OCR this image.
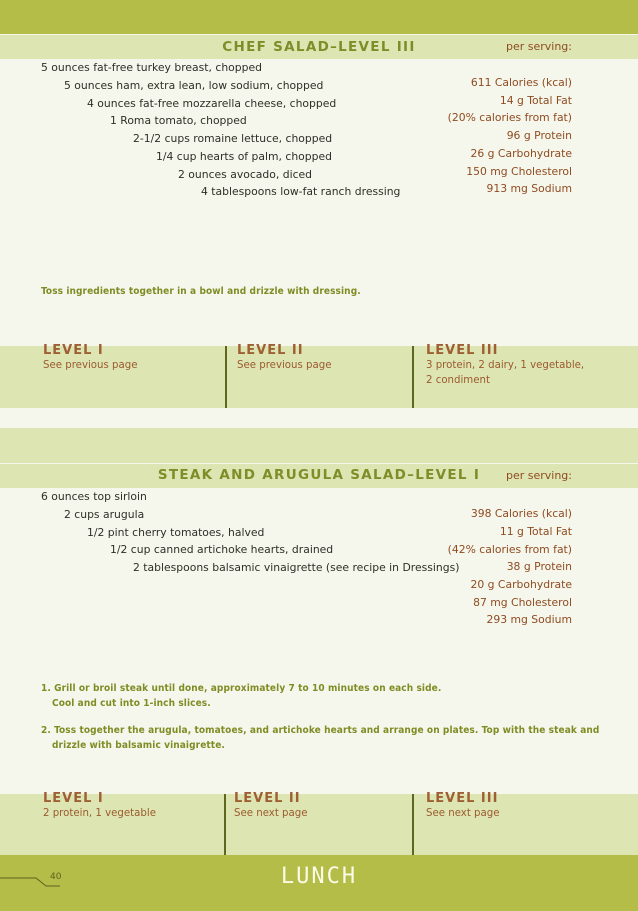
CHEF SALAD–LEVEL III	per serving:
5 ounces fat-free turkey breast, chopped
5 ounces ham, extra lean, low sodium, chopped
4 ounces fat-free mozzarella cheese, chopped
1 Roma tomato, chopped
2-1/2 cups romaine lettuce, chopped
1/4 cup hearts of palm, chopped
2 ounces avocado, diced
4 tablespoons low-fat ranch dressing
611 Calories (kcal)
14 g Total Fat
(20% calories from fat)
96 g Protein
26 g Carbohydrate
150 mg Cholesterol
913 mg Sodium
Toss ingredients together in a bowl and drizzle with dressing.
LEVEL I
See previous page
LEVEL II
See previous page
LEVEL III
3 protein, 2 dairy, 1 vegetable,
2 condiment
STEAK AND ARUGULA SALAD–LEVEL I	per serving:
6 ounces top sirloin
2 cups arugula
1/2 pint cherry tomatoes, halved
1/2 cup canned artichoke hearts, drained
2 tablespoons balsamic vinaigrette (see recipe in Dressings)
398 Calories (kcal)
11 g Total Fat
(42% calories from fat)
38 g Protein
20 g Carbohydrate
87 mg Cholesterol
293 mg Sodium
1. Grill or broil steak until done, approximately 7 to 10 minutes on each side.
Cool and cut into 1-inch slices.
2. Toss together the arugula, tomatoes, and artichoke hearts and arrange on plates. Top with the steak and
drizzle with balsamic vinaigrette.
LEVEL I
2 protein, 1 vegetable
LEVEL II
See next page
LEVEL III
See next page
40	LUNCH
